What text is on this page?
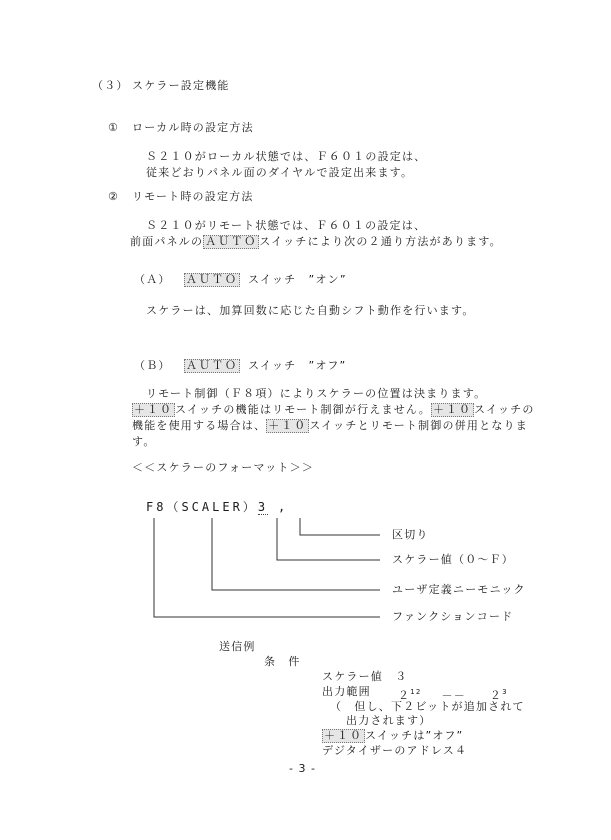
（３） スケラー設定機能
① ローカル時の設定方法
Ｓ２１０がローカル状態では、Ｆ６０１の設定は、
従来どおりパネル面のダイヤルで設定出来ます。
② リモート時の設定方法
Ｓ２１０がリモート状態では、Ｆ６０１の設定は、
前面パネルの ＡＵＴＯ スイッチにより次の２通り方法があります。
（Ａ） ＡＵＴＯ スイッチ　”オン”
スケラーは、加算回数に応じた自動シフト動作を行います。
（Ｂ） ＡＵＴＯ スイッチ　”オフ”
リモート制御（Ｆ８項）によりスケラーの位置は決まります。
＋１０ スイッチの機能はリモート制御が行えません。 ＋１０ スイッチの
機能を使用する場合は、 ＋１０ スイッチとリモート制御の併用となりま
す。
＜＜スケラーのフォーマット＞＞
F8（SCALER）3 ,
区切り
スケラー値（０～Ｆ）
ユーザ定義ニーモニック
ファンクションコード
送信例
条　件
スケラー値　３
出力範囲 $2^{12} -- 2^3$
（　但し、下２ビットが追加されて
出力されます）
＋１０ スイッチは”オフ”
デジタイザーのアドレス４
- 3 -
